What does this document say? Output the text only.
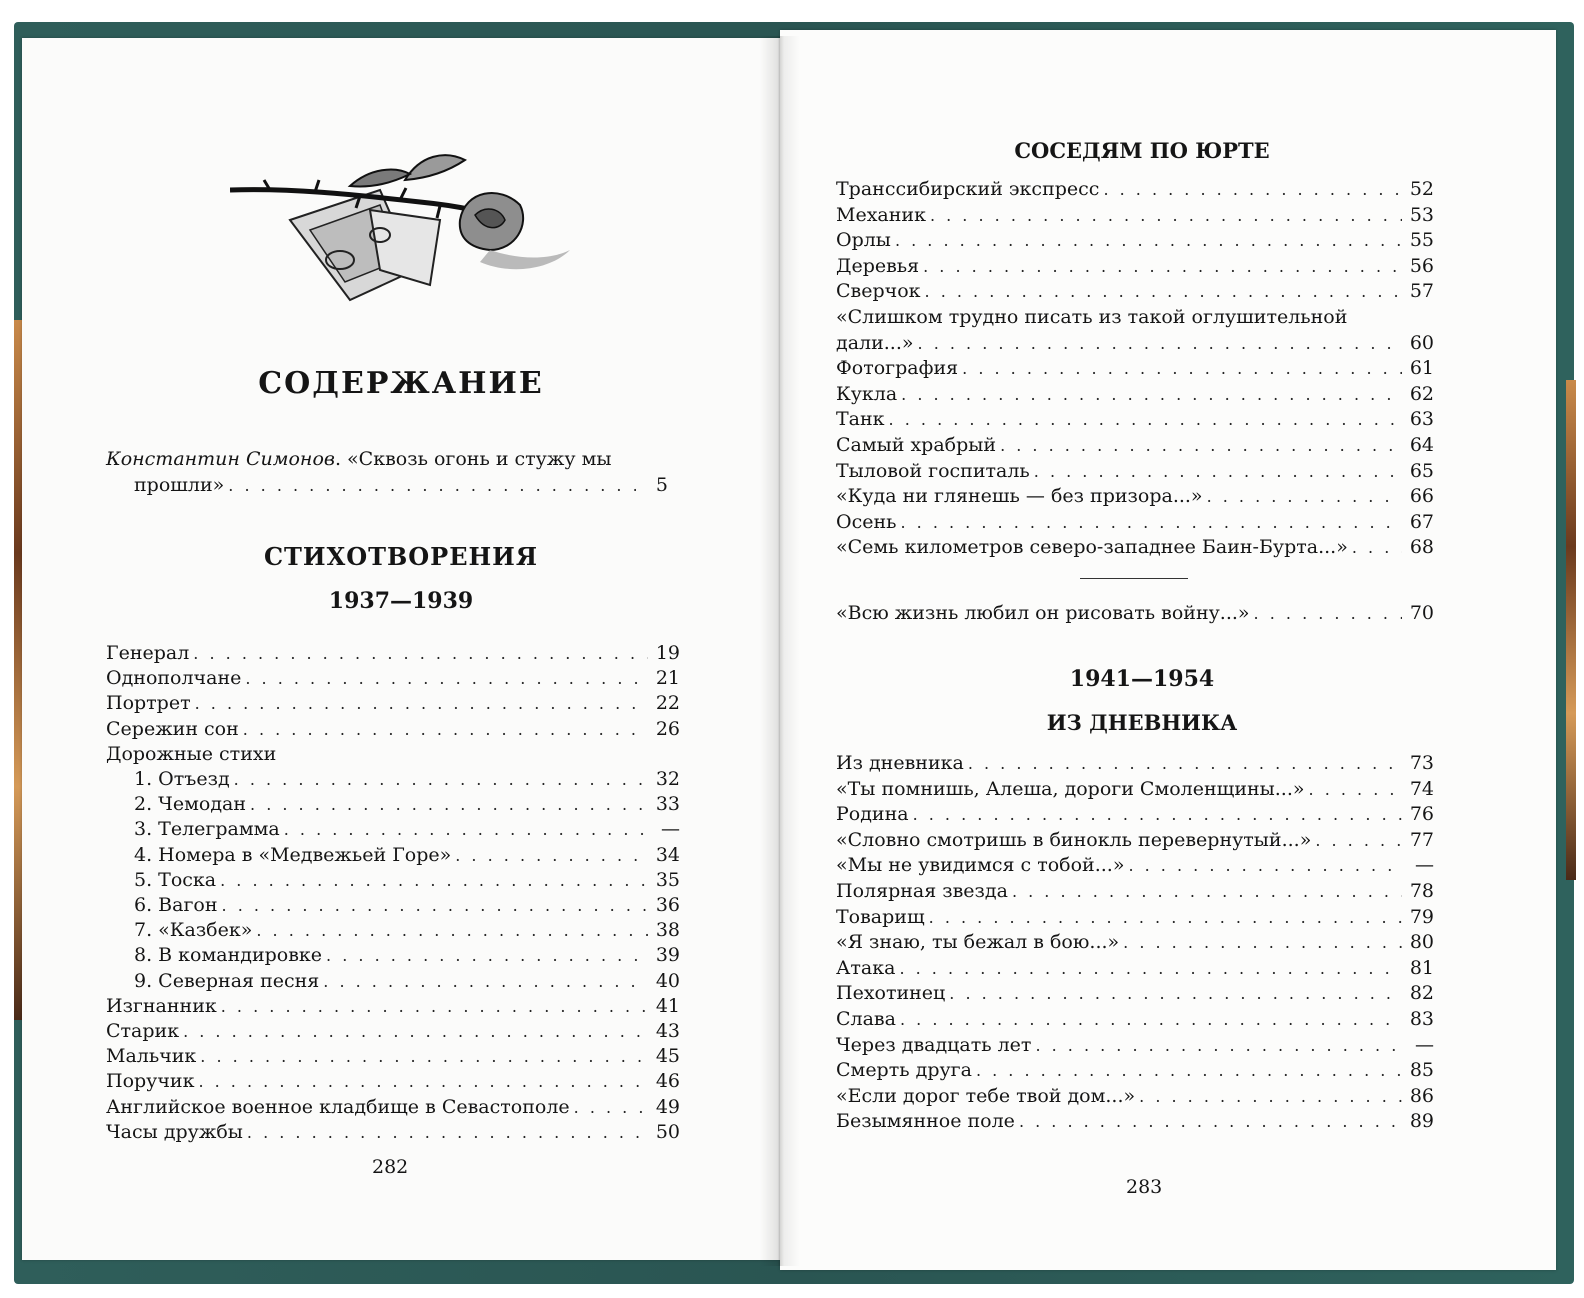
СОДЕРЖАНИЕ
Константин Симонов. «Сквозь огонь и стужу мы
прошли» . . .	5
СТИХОТВОРЕНИЯ
1937—1939
Генерал . . .	19
Однополчане . . .	21
Портрет . . .	22
Сережин сон . . .	26
Дорожные стихи
1. Отъезд . . .	32
2. Чемодан . . .	33
3. Телеграмма . . .	—
4. Номера в «Медвежьей Горе» . . .	34
5. Тоска . . .	35
6. Вагон . . .	36
7. «Казбек» . . .	38
8. В командировке . . .	39
9. Северная песня . . .	40
Изгнанник . . .	41
Старик . . .	43
Мальчик . . .	45
Поручик . . .	46
Английское военное кладбище в Севастополе . . .	49
Часы дружбы . . .	50
282
СОСЕДЯМ ПО ЮРТЕ
Транссибирский экспресс . . .	52
Механик . . .	53
Орлы . . .	55
Деревья . . .	56
Сверчок . . .	57
«Слишком трудно писать из такой оглушительной
дали...» . . .	60
Фотография . . .	61
Кукла . . .	62
Танк . . .	63
Самый храбрый . . .	64
Тыловой госпиталь . . .	65
«Куда ни глянешь — без призора...» . . .	66
Осень . . .	67
«Семь километров северо-западнее Баин-Бурта...» . . .	68
«Всю жизнь любил он рисовать войну...» . . .	70
1941—1954
ИЗ ДНЕВНИКА
Из дневника . . .	73
«Ты помнишь, Алеша, дороги Смоленщины...» . . .	74
Родина . . .	76
«Словно смотришь в бинокль перевернутый...» . . .	77
«Мы не увидимся с тобой...» . . .	—
Полярная звезда . . .	78
Товарищ . . .	79
«Я знаю, ты бежал в бою...» . . .	80
Атака . . .	81
Пехотинец . . .	82
Слава . . .	83
Через двадцать лет . . .	—
Смерть друга . . .	85
«Если дорог тебе твой дом...» . . .	86
Безымянное поле . . .	89
283
